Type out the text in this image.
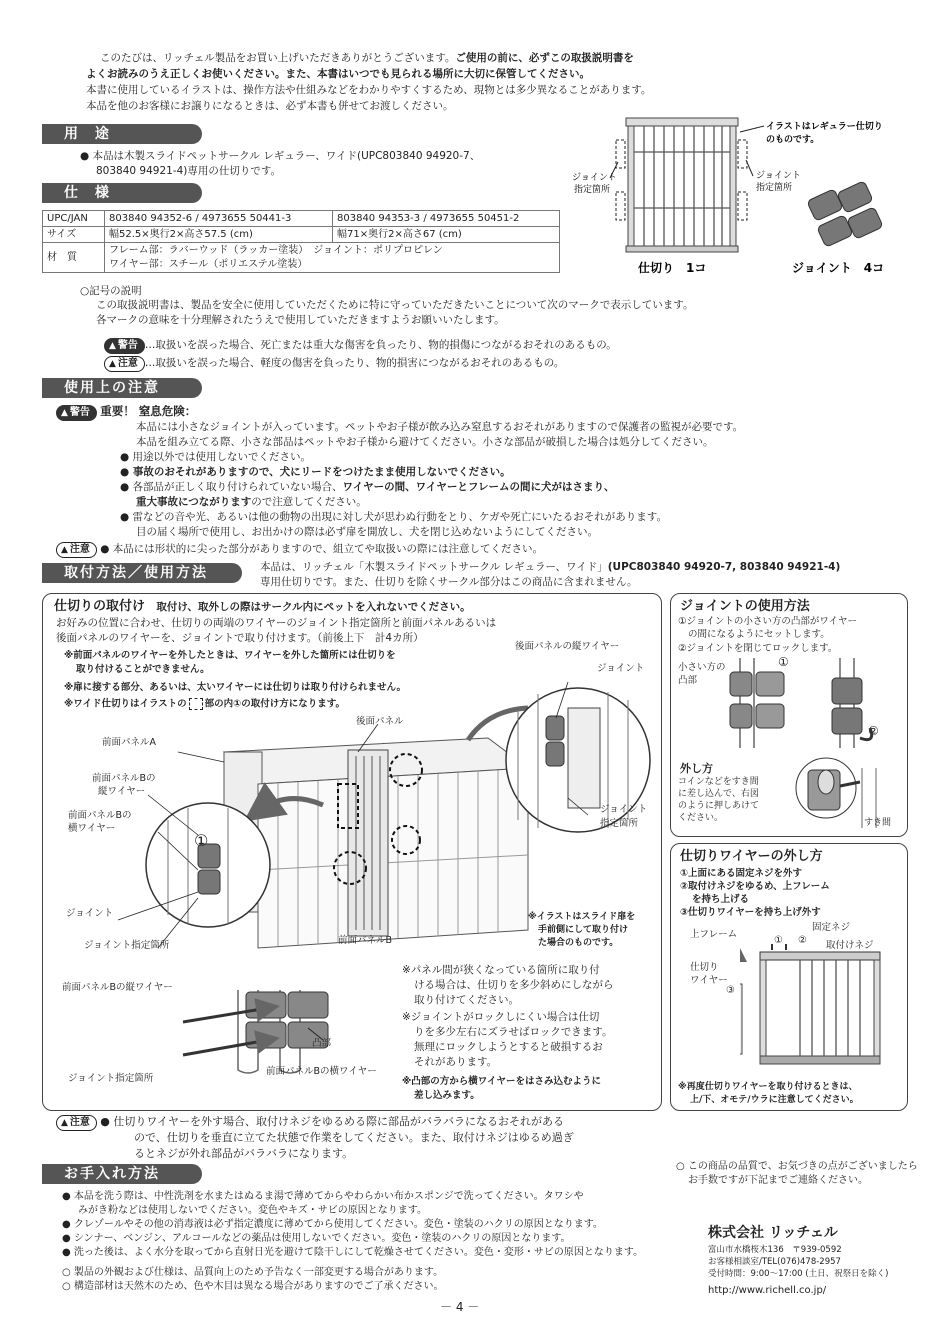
このたびは、リッチェル製品をお買い上げいただきありがとうございます。ご使用の前に、必ずこの取扱説明書を
よくお読みのうえ正しくお使いください。また、本書はいつでも見られる場所に大切に保管してください。
本書に使用しているイラストは、操作方法や仕組みなどをわかりやすくするため、現物とは多少異なることがあります。
本品を他のお客様にお譲りになるときは、必ず本書も併せてお渡しください。
用 途
● 本品は木製スライドペットサークル レギュラー、ワイド(UPC803840 94920-7、
803840 94921-4)専用の仕切りです。
仕 様
UPC/JAN	803840 94352-6 / 4973655 50441-3	803840 94353-3 / 4973655 50451-2
サイズ	幅52.5×奥行2×高さ57.5 (cm)	幅71×奥行2×高さ67 (cm)
材　質	フレーム部：ラバーウッド（ラッカー塗装）　ジョイント：ポリプロピレン
ワイヤー部：スチール（ポリエステル塗装）	
イラストはレギュラー仕切り
のものです。
ジョイント
指定箇所
ジョイント
指定箇所
仕切り　1コ	ジョイント　4コ
○記号の説明
この取扱説明書は、製品を安全に使用していただくために特に守っていただきたいことについて次のマークで表示しています。
各マークの意味を十分理解されたうえで使用していただきますようお願いいたします。
▲ 警告 …取扱いを誤った場合、死亡または重大な傷害を負ったり、物的損傷につながるおそれのあるもの。
▲ 注意 …取扱いを誤った場合、軽度の傷害を負ったり、物的損害につながるおそれのあるもの。
使用上の注意
▲ 警告 重要！ 窒息危険：
本品には小さなジョイントが入っています。ペットやお子様が飲み込み窒息するおそれがありますので保護者の監視が必要です。
本品を組み立てる際、小さな部品はペットやお子様から避けてください。小さな部品が破損した場合は処分してください。
● 用途以外では使用しないでください。
● 事故のおそれがありますので、犬にリードをつけたまま使用しないでください。
● 各部品が正しく取り付けられていない場合、ワイヤーの間、ワイヤーとフレームの間に犬がはさまり、
重大事故につながりますので注意してください。
● 雷などの音や光、あるいは他の動物の出現に対し犬が思わぬ行動をとり、ケガや死亡にいたるおそれがあります。
目の届く場所で使用し、お出かけの際は必ず扉を開放し、犬を閉じ込めないようにしてください。
▲ 注意 ● 本品には形状的に尖った部分がありますので、組立てや取扱いの際には注意してください。
取付方法／使用方法	本品は、リッチェル「木製スライドペットサークル レギュラー、ワイド」(UPC803840 94920-7, 803840 94921-4)
専用仕切りです。また、仕切りを除くサークル部分はこの商品に含まれません。
仕切りの取付け 取付け、取外しの際はサークル内にペットを入れないでください。
お好みの位置に合わせ、仕切りの両端のワイヤーのジョイント指定箇所と前面パネルあるいは
後面パネルのワイヤーを、ジョイントで取り付けます。（前後上下　計4カ所）
※前面パネルのワイヤーを外したときは、ワイヤーを外した箇所には仕切りを
取り付けることができません。
※扉に接する部分、あるいは、太いワイヤーには仕切りは取り付けられません。
※ワイド仕切りはイラストの 部の内①の取付け方になります。
後面パネルの縦ワイヤー
ジョイント
後面パネル
前面パネルA
前面パネルBの
縦ワイヤー
前面パネルBの
横ワイヤー
①
ジョイント
ジョイント指定箇所
ジョイント
指定箇所
前面パネルB
※イラストはスライド扉を
手前側にして取り付け
た場合のものです。
前面パネルBの縦ワイヤー
凸部
ジョイント指定箇所
前面パネルBの横ワイヤー
※パネル間が狭くなっている箇所に取り付
ける場合は、仕切りを多少斜めにしながら
取り付けてください。
※ジョイントがロックしにくい場合は仕切
りを多少左右にズラせばロックできます。
無理にロックしようとすると破損するお
それがあります。
※凸部の方から横ワイヤーをはさみ込むように
差し込みます。
ジョイントの使用方法
①ジョイントの小さい方の凸部がワイヤー
の間になるようにセットします。
②ジョイントを閉じてロックします。
小さい方の
凸部
①
②
外し方
コインなどをすき間
に差し込んで、右図
のように押しあけて
ください。	すき間
仕切りワイヤーの外し方
①上面にある固定ネジを外す
②取付けネジをゆるめ、上フレーム
を持ち上げる
③仕切りワイヤーを持ち上げ外す
上フレーム
固定ネジ
取付けネジ
① ②
③
仕切り
ワイヤー
※再度仕切りワイヤーを取り付けるときは、
上/下、オモテ/ウラに注意してください。
▲ 注意 ● 仕切りワイヤーを外す場合、取付けネジをゆるめる際に部品がバラバラになるおそれがある
ので、仕切りを垂直に立てた状態で作業をしてください。また、取付けネジはゆるめ過ぎ
るとネジが外れ部品がバラバラになります。
お手入れ方法
● 本品を洗う際は、中性洗剤を水またはぬるま湯で薄めてからやわらかい布かスポンジで洗ってください。タワシや
みがき粉などは使用しないでください。変色やキズ・サビの原因となります。
● クレゾールやその他の消毒液は必ず指定濃度に薄めてから使用してください。変色・塗装のハクリの原因となります。
● シンナー、ベンジン、アルコールなどの薬品は使用しないでください。変色・塗装のハクリの原因となります。
● 洗った後は、よく水分を取ってから直射日光を避けて陰干しにして乾燥させてください。変色・変形・サビの原因となります。
○ 製品の外観および仕様は、品質向上のため予告なく一部変更する場合があります。
○ 構造部材は天然木のため、色や木目は異なる場合がありますのでご了承ください。
○ この商品の品質で、お気づきの点がございましたら
お手数ですが下記までご連絡ください。
株式会社 リッチェル
富山市水橋桜木136　〒939-0592
お客様相談室/TEL(076)478-2957
受付時間：9:00～17:00 (土日、祝祭日を除く)
http://www.richell.co.jp/
－ 4 －
